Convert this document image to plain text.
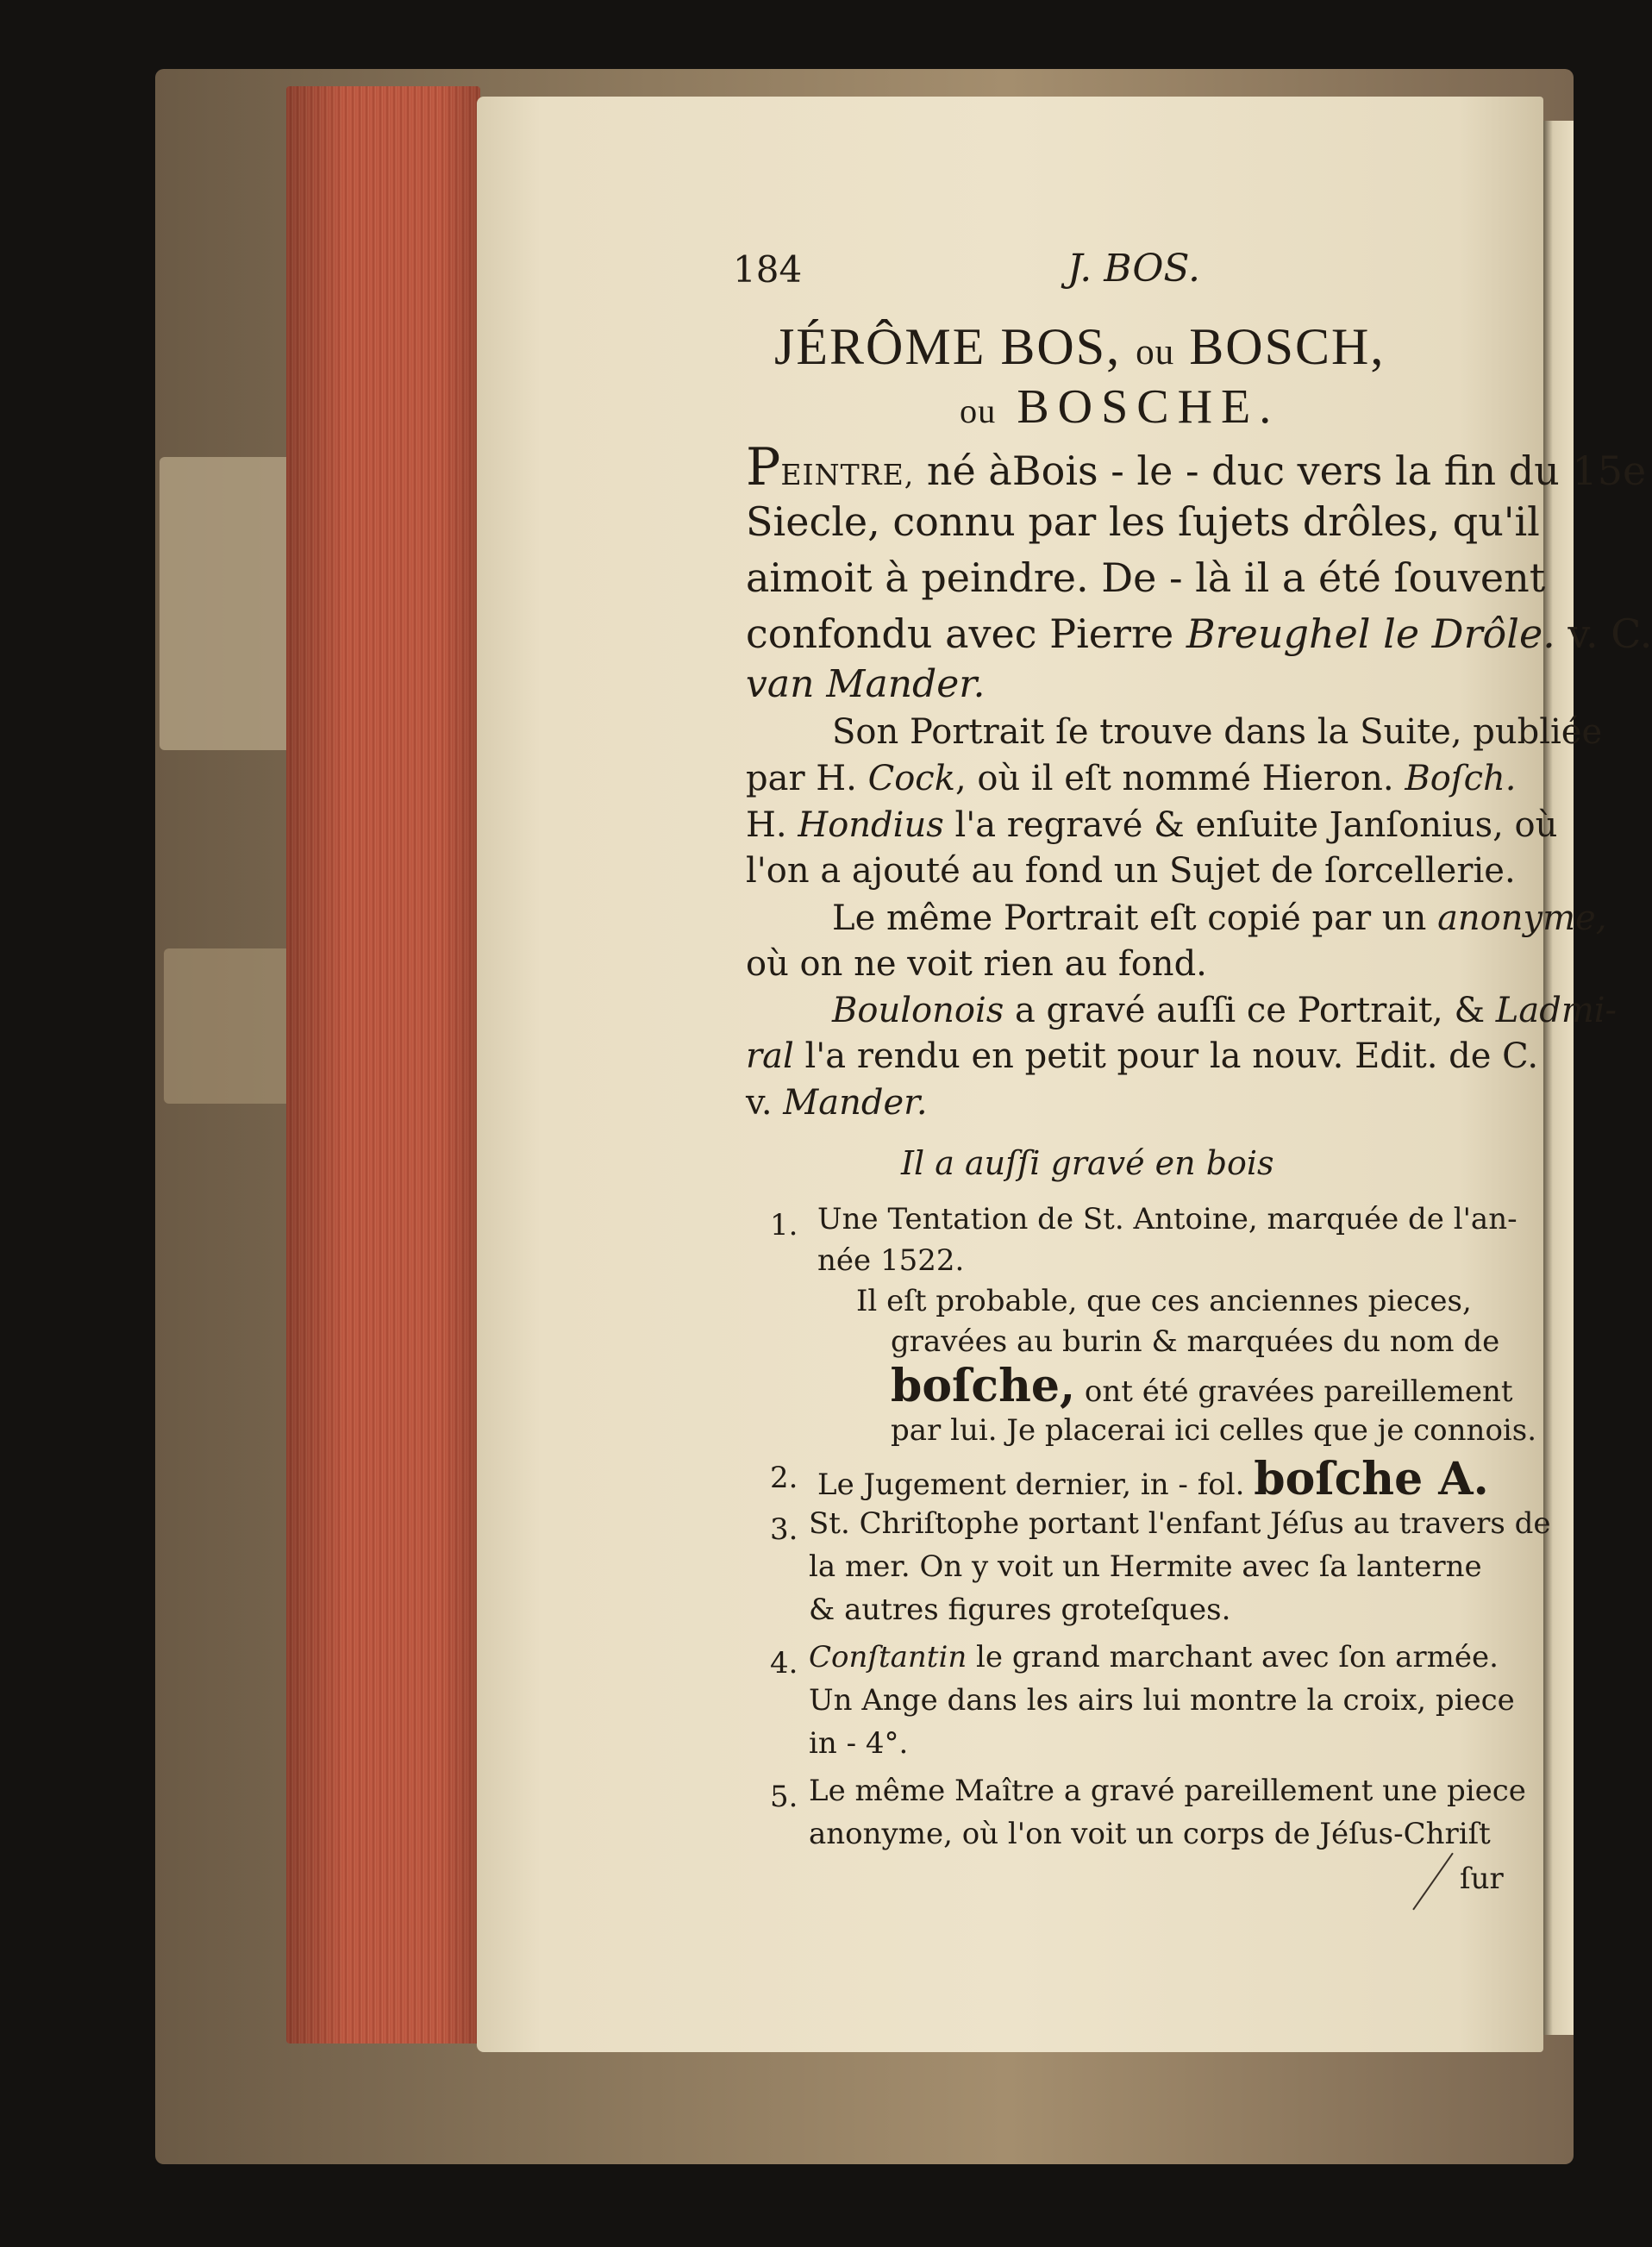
184	J. BOS.
JÉRÔME BOS, ou BOSCH,
ou BOSCHE.
PEINTRE, né àBois - le - duc vers la fin du 15e
Siecle, connu par les ſujets drôles, qu'il
aimoit à peindre. De - là il a été ſouvent
confondu avec Pierre Breughel le Drôle. v. C.
van Mander.
Son Portrait ſe trouve dans la Suite, publiée
par H. Cock, où il eſt nommé Hieron. Boſch.
H. Hondius l'a regravé & enſuite Janſonius, où
l'on a ajouté au fond un Sujet de ſorcellerie.
Le même Portrait eſt copié par un anonyme,
où on ne voit rien au fond.
Boulonois a gravé auſſi ce Portrait, & Ladmi-
ral l'a rendu en petit pour la nouv. Edit. de C.
v. Mander.
Il a auſſi gravé en bois
1. Une Tentation de St. Antoine, marquée de l'an-
née 1522.
Il eſt probable, que ces anciennes pieces,
gravées au burin & marquées du nom de
boſche, ont été gravées pareillement
par lui. Je placerai ici celles que je connois.
2. Le Jugement dernier, in - fol. boſche A.
3. St. Chriſtophe portant l'enfant Jéſus au travers de
la mer. On y voit un Hermite avec ſa lanterne
& autres figures groteſques.
4. Conſtantin le grand marchant avec ſon armée.
Un Ange dans les airs lui montre la croix, piece
in - 4°.
5. Le même Maître a gravé pareillement une piece
anonyme, où l'on voit un corps de Jéſus-Chriſt
ſur
